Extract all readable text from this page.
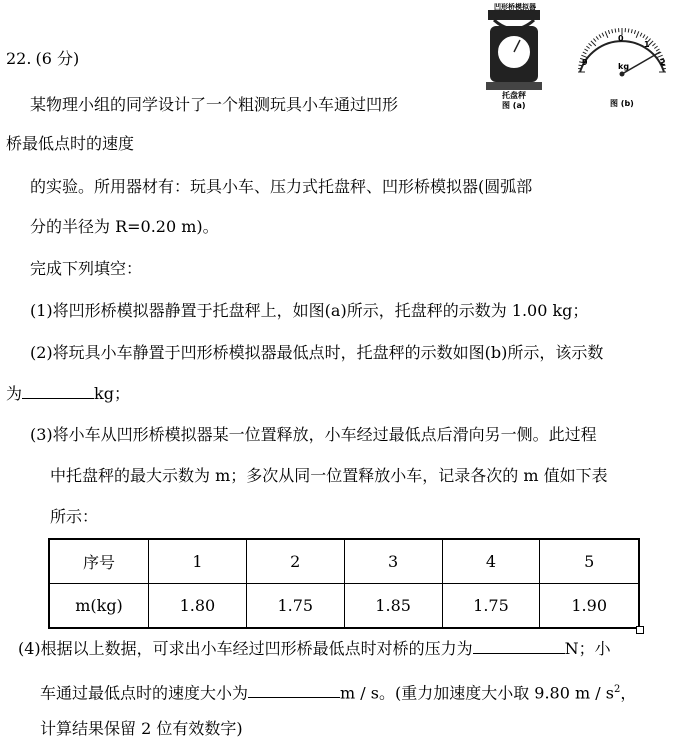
22. (6 分)
某物理小组的同学设计了一个粗测玩具小车通过凹形
桥最低点时的速度
的实验。所用器材有：玩具小车、压力式托盘秤、凹形桥模拟器(圆弧部
分的半径为 R=0.20 m)。
完成下列填空：
(1)将凹形桥模拟器静置于托盘秤上，如图(a)所示，托盘秤的示数为 1.00 kg；
(2)将玩具小车静置于凹形桥模拟器最低点时，托盘秤的示数如图(b)所示，该示数
为	kg；
(3)将小车从凹形桥模拟器某一位置释放，小车经过最低点后滑向另一侧。此过程
中托盘秤的最大示数为 m；多次从同一位置释放小车，记录各次的 m 值如下表
所示：
序号	1	2	3	4	5
m(kg)	1.80	1.75	1.85	1.75	1.90
(4)根据以上数据，可求出小车经过凹形桥最低点时对桥的压力为	N；小
车通过最低点时的速度大小为	m / s。(重力加速度大小取 9.80 m / $s^2$，
计算结果保留 2 位有效数字)
凹形桥模拟器
托盘秤
图 (a)
9
0
1
2
kg
图 (b)
